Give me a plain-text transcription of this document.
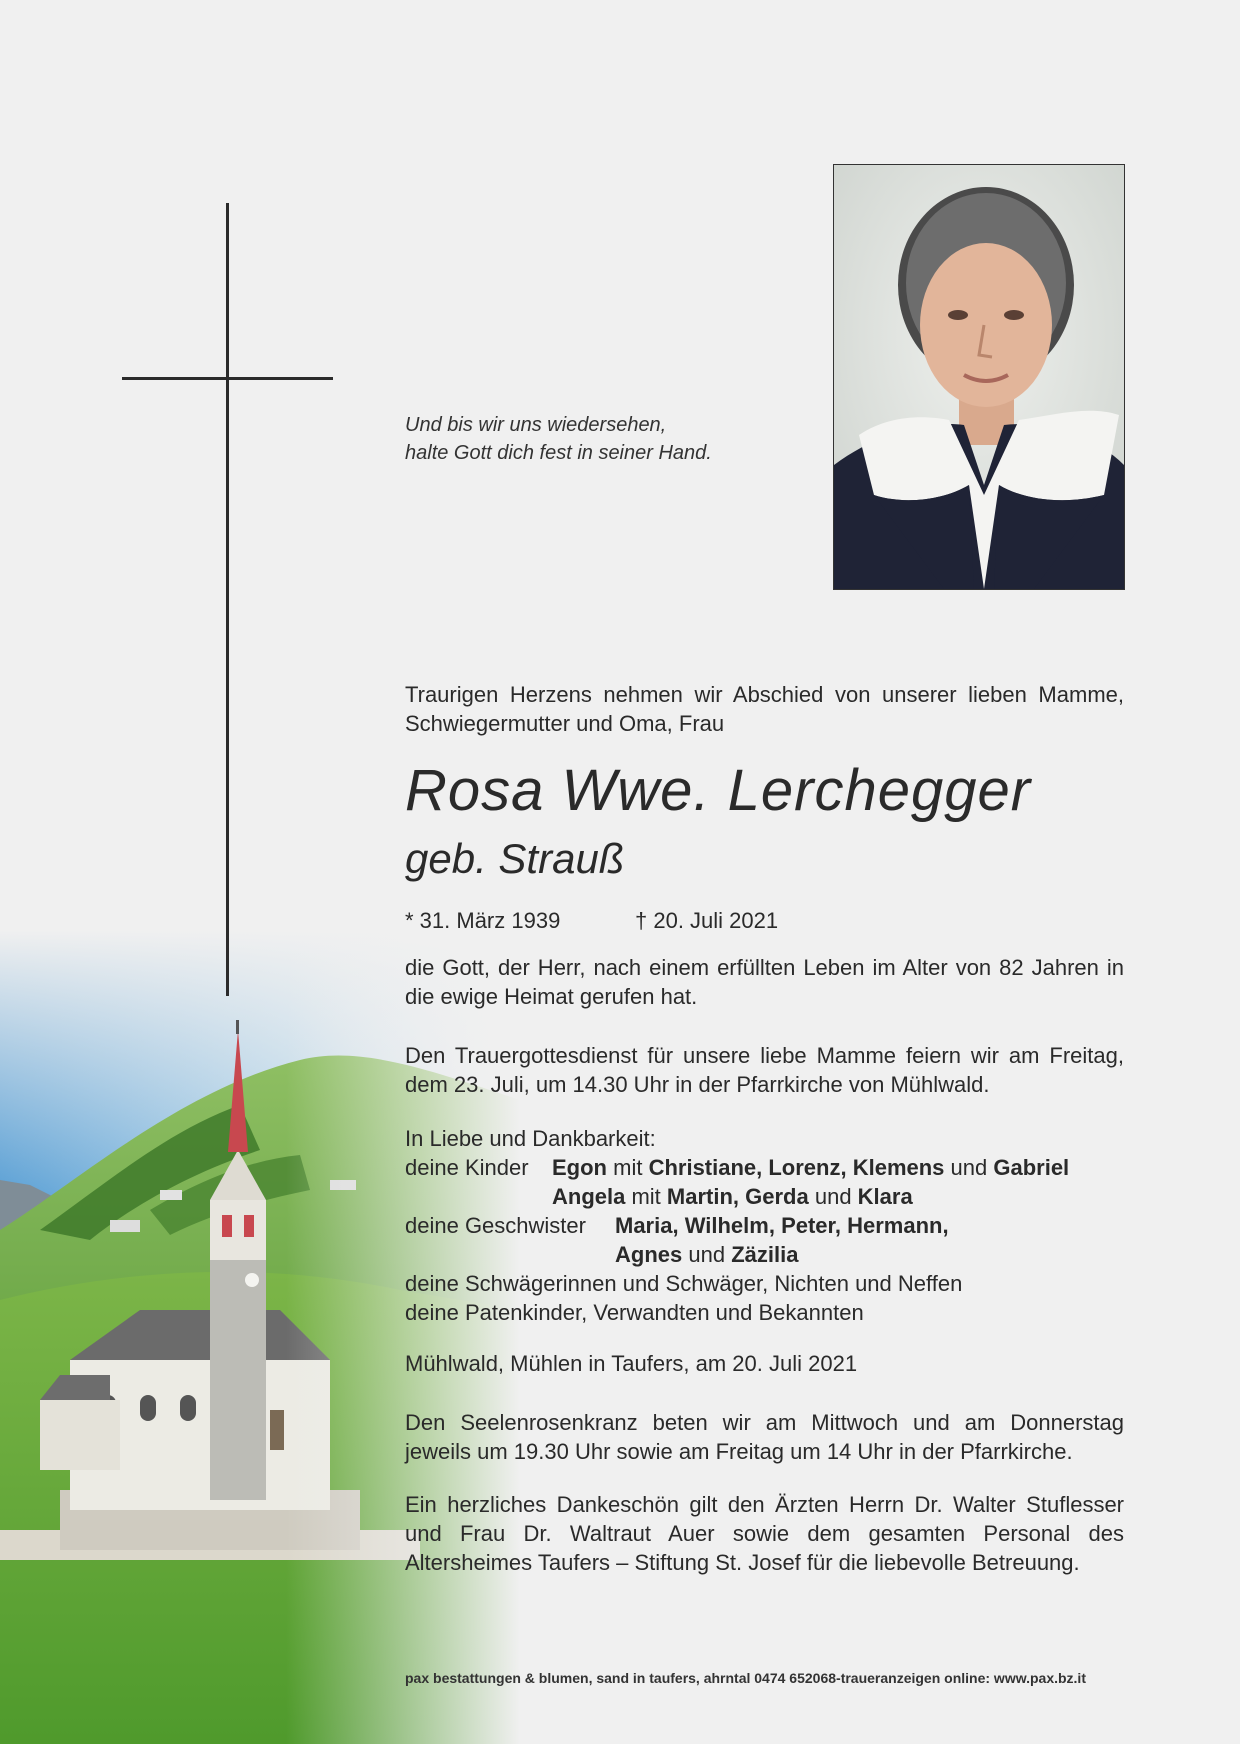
Und bis wir uns wiedersehen,
halte Gott dich fest in seiner Hand.
Traurigen Herzens nehmen wir Abschied von unserer lieben Mamme, Schwiegermutter und Oma, Frau
Rosa Wwe. Lerchegger
geb. Strauß
* 31. März 1939	† 20. Juli 2021
die Gott, der Herr, nach einem erfüllten Leben im Alter von 82 Jahren in die ewige Heimat gerufen hat.
Den Trauergottesdienst für unsere liebe Mamme feiern wir am Freitag, dem 23. Juli, um 14.30 Uhr in der Pfarrkirche von Mühlwald.
In Liebe und Dankbarkeit:
deine Kinder Egon mit Christiane, Lorenz, Klemens und Gabriel
Angela mit Martin, Gerda und Klara
deine Geschwister Maria, Wilhelm, Peter, Hermann,
Agnes und Zäzilia
deine Schwägerinnen und Schwäger, Nichten und Neffen
deine Patenkinder, Verwandten und Bekannten
Mühlwald, Mühlen in Taufers, am 20. Juli 2021
Den Seelenrosenkranz beten wir am Mittwoch und am Donnerstag jeweils um 19.30 Uhr sowie am Freitag um 14 Uhr in der Pfarrkirche.
Ein herzliches Dankeschön gilt den Ärzten Herrn Dr. Walter Stuflesser und Frau Dr. Waltraut Auer sowie dem gesamten Personal des Altersheimes Taufers – Stiftung St. Josef für die liebevolle Betreuung.
pax bestattungen & blumen, sand in taufers, ahrntal 0474 652068-traueranzeigen online: www.pax.bz.it
